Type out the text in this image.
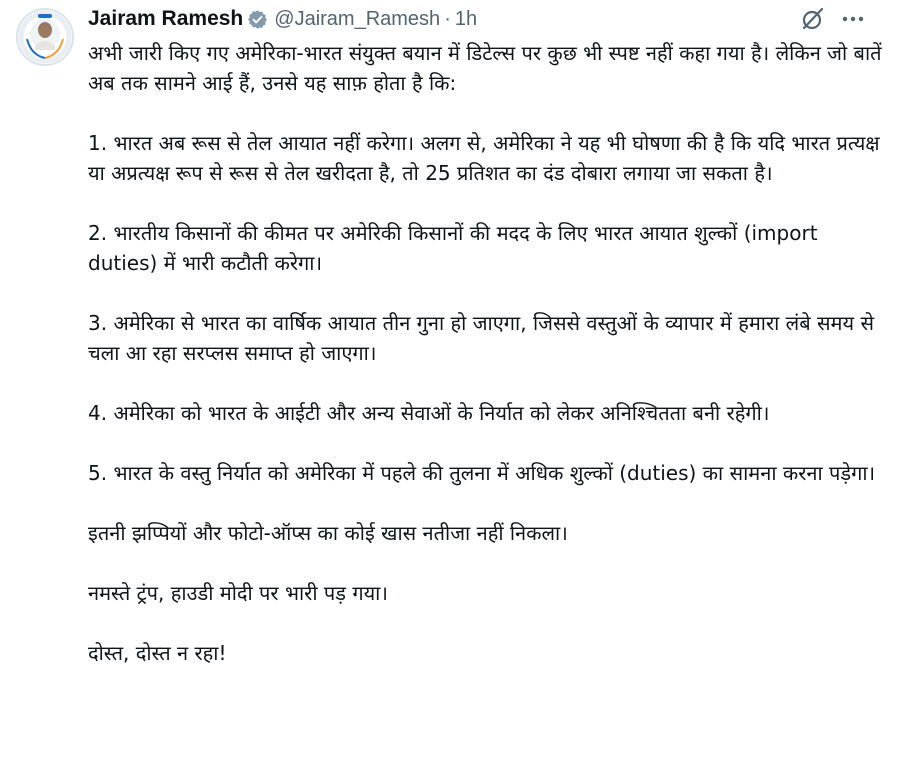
Jairam Ramesh @Jairam_Ramesh · 1h

अभी जारी किए गए अमेरिका-भारत संयुक्त बयान में डिटेल्स पर कुछ भी स्पष्ट नहीं कहा गया है। लेकिन जो बातें अब तक सामने आई हैं, उनसे यह साफ़ होता है कि:

1. भारत अब रूस से तेल आयात नहीं करेगा। अलग से, अमेरिका ने यह भी घोषणा की है कि यदि भारत प्रत्यक्ष या अप्रत्यक्ष रूप से रूस से तेल खरीदता है, तो 25 प्रतिशत का दंड दोबारा लगाया जा सकता है।

2. भारतीय किसानों की कीमत पर अमेरिकी किसानों की मदद के लिए भारत आयात शुल्कों (import duties) में भारी कटौती करेगा।

3. अमेरिका से भारत का वार्षिक आयात तीन गुना हो जाएगा, जिससे वस्तुओं के व्यापार में हमारा लंबे समय से चला आ रहा सरप्लस समाप्त हो जाएगा।

4. अमेरिका को भारत के आईटी और अन्य सेवाओं के निर्यात को लेकर अनिश्चितता बनी रहेगी।

5. भारत के वस्तु निर्यात को अमेरिका में पहले की तुलना में अधिक शुल्कों (duties) का सामना करना पड़ेगा।

इतनी झप्पियों और फोटो-ऑप्स का कोई खास नतीजा नहीं निकला।

नमस्ते ट्रंप, हाउडी मोदी पर भारी पड़ गया।

दोस्त, दोस्त न रहा!
